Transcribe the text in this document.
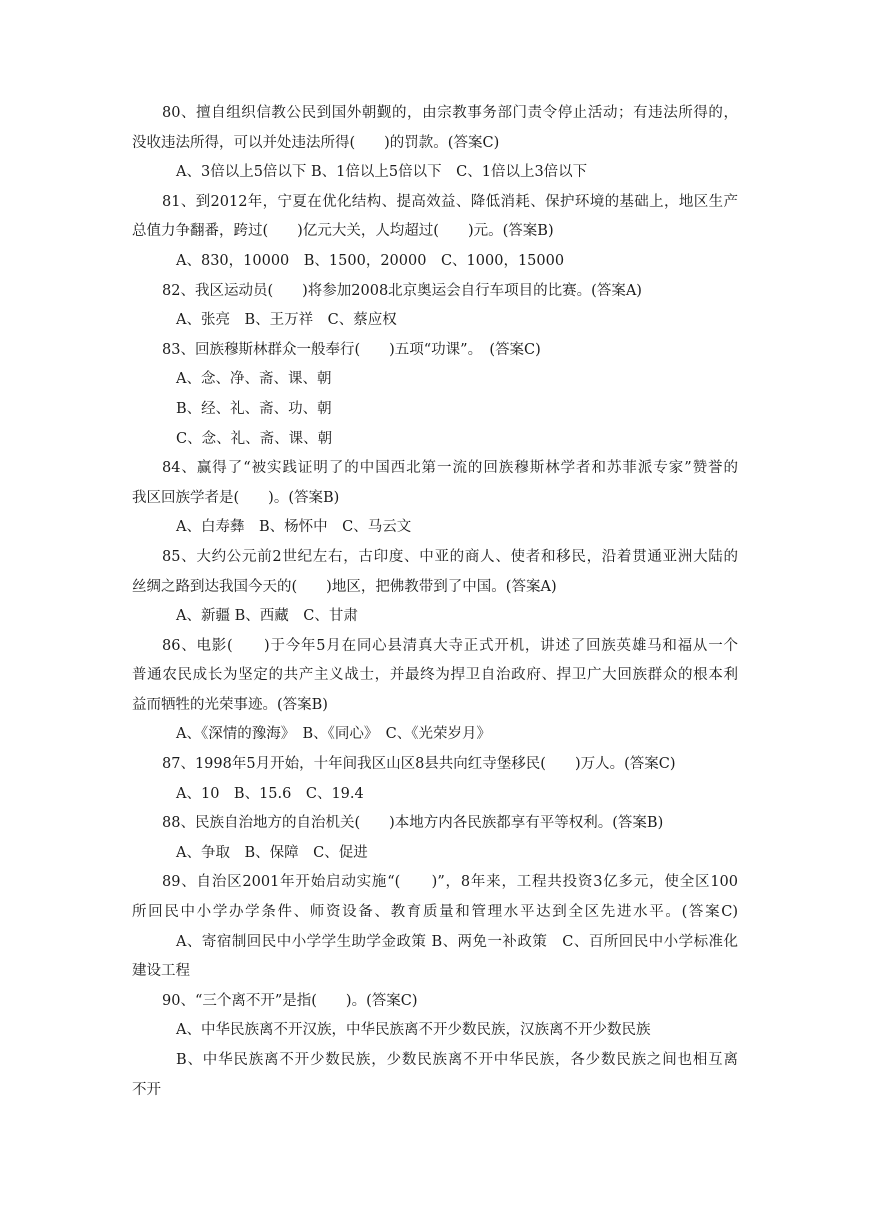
80、擅自组织信教公民到国外朝觐的，由宗教事务部门责令停止活动；有违法所得的，
没收违法所得，可以并处违法所得(　　)的罚款。(答案C)
A、3倍以上5倍以下 B、1倍以上5倍以下　C、1倍以上3倍以下
81、到2012年，宁夏在优化结构、提高效益、降低消耗、保护环境的基础上，地区生产
总值力争翻番，跨过(　　)亿元大关，人均超过(　　)元。(答案B)
A、830，10000　B、1500，20000　C、1000，15000
82、我区运动员(　　)将参加2008北京奥运会自行车项目的比赛。(答案A)
A、张亮　B、王万祥　C、蔡应权
83、回族穆斯林群众一般奉行(　　)五项“功课”。　(答案C)
A、念、净、斋、课、朝
B、经、礼、斋、功、朝
C、念、礼、斋、课、朝
84、赢得了“被实践证明了的中国西北第一流的回族穆斯林学者和苏菲派专家”赞誉的
我区回族学者是(　　)。(答案B)
A、白寿彝　B、杨怀中　C、马云文
85、大约公元前2世纪左右，古印度、中亚的商人、使者和移民，沿着贯通亚洲大陆的
丝绸之路到达我国今天的(　　)地区，把佛教带到了中国。(答案A)
A、新疆 B、西藏　C、甘肃
86、电影(　　)于今年5月在同心县清真大寺正式开机，讲述了回族英雄马和福从一个
普通农民成长为坚定的共产主义战士，并最终为捍卫自治政府、捍卫广大回族群众的根本利
益而牺牲的光荣事迹。(答案B)
A、《深情的豫海》　B、《同心》　C、《光荣岁月》
87、1998年5月开始，十年间我区山区8县共向红寺堡移民(　　)万人。(答案C)
A、10　B、15.6　C、19.4
88、民族自治地方的自治机关(　　)本地方内各民族都享有平等权利。(答案B)
A、争取　B、保障　C、促进
89、自治区2001年开始启动实施“(　　)”，8年来，工程共投资3亿多元，使全区100
所回民中小学办学条件、师资设备、教育质量和管理水平达到全区先进水平。(答案C)
A、寄宿制回民中小学学生助学金政策 B、两免一补政策　C、百所回民中小学标准化
建设工程
90、“三个离不开”是指(　　)。(答案C)
A、中华民族离不开汉族，中华民族离不开少数民族，汉族离不开少数民族
B、中华民族离不开少数民族，少数民族离不开中华民族，各少数民族之间也相互离
不开
